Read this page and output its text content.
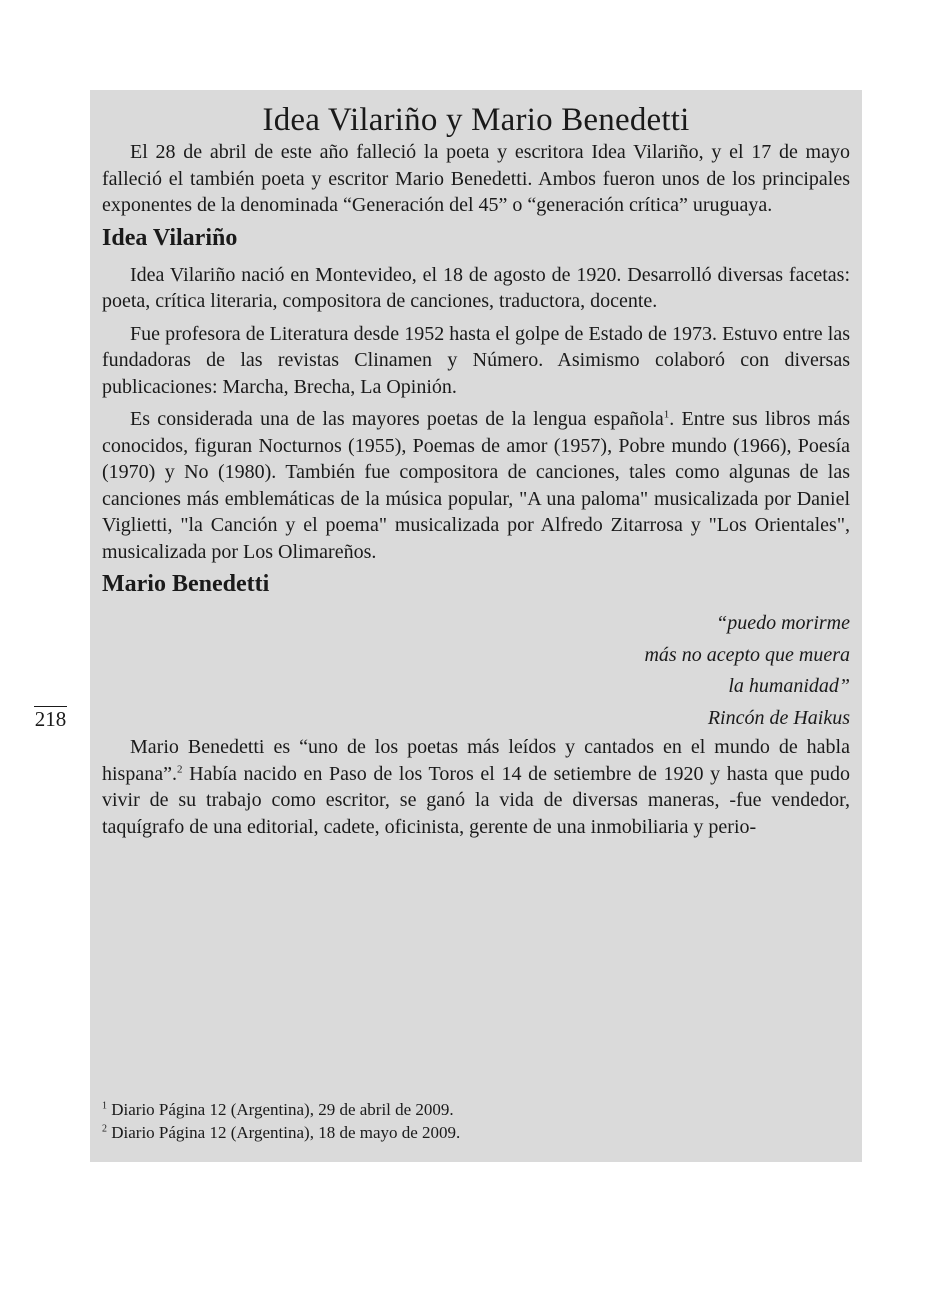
218
Idea Vilariño y Mario Benedetti

El 28 de abril de este año falleció la poeta y escritora Idea Vilariño, y el 17 de mayo falleció el también poeta y escritor Mario Benedetti. Ambos fueron unos de los principales exponentes de la denominada “Generación del 45” o “generación crítica” uruguaya.

Idea Vilariño

Idea Vilariño nació en Montevideo, el 18 de agosto de 1920. Desarrolló diversas facetas: poeta, crítica literaria, compositora de canciones, traductora, docente.

Fue profesora de Literatura desde 1952 hasta el golpe de Estado de 1973. Estuvo entre las fundadoras de las revistas Clinamen y Número. Asimismo colaboró con diversas publicaciones: Marcha, Brecha, La Opinión.

Es considerada una de las mayores poetas de la lengua española$^1$. Entre sus libros más conocidos, figuran Nocturnos (1955), Poemas de amor (1957), Pobre mundo (1966), Poesía (1970) y No (1980). También fue compositora de canciones, tales como algunas de las canciones más emblemáticas de la música popular, "A una paloma" musicalizada por Daniel Viglietti, "la Canción y el poema" musicalizada por Alfredo Zitarrosa y "Los Orientales", musicalizada por Los Olimareños.

Mario Benedetti
“puedo morirme
más no acepto que muera
la humanidad”
Rincón de Haikus

Mario Benedetti es “uno de los poetas más leídos y cantados en el mundo de habla hispana”.$^2$ Había nacido en Paso de los Toros el 14 de setiembre de 1920 y hasta que pudo vivir de su trabajo como escritor, se ganó la vida de diversas maneras, -fue vendedor, taquígrafo de una editorial, cadete, oficinista, gerente de una inmobiliaria y perio-

$^1$ Diario Página 12 (Argentina), 29 de abril de 2009.
$^2$ Diario Página 12 (Argentina), 18 de mayo de 2009.
